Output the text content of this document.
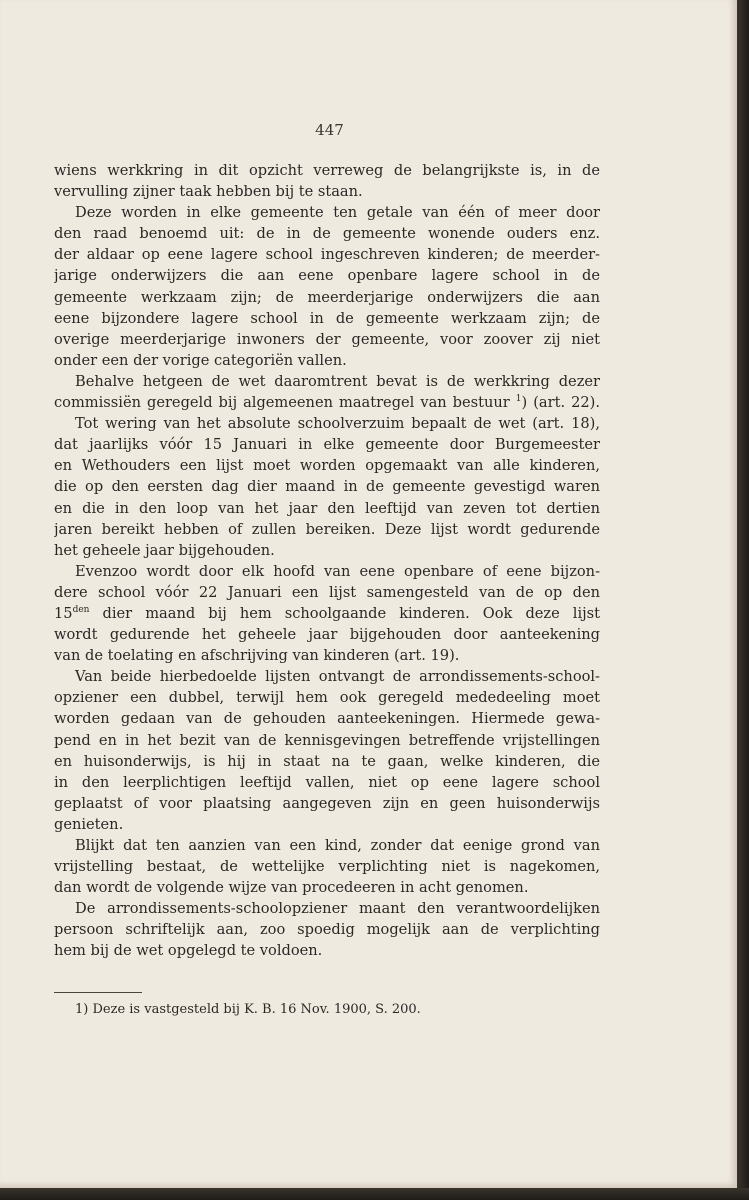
447
wiens werkkring in dit opzicht verreweg de belangrijkste is, in de
vervulling zijner taak hebben bij te staan.
Deze worden in elke gemeente ten getale van één of meer door
den raad benoemd uit: de in de gemeente wonende ouders enz.
der aldaar op eene lagere school ingeschreven kinderen; de meerder-
jarige onderwijzers die aan eene openbare lagere school in de
gemeente werkzaam zijn; de meerderjarige onderwijzers die aan
eene bijzondere lagere school in de gemeente werkzaam zijn; de
overige meerderjarige inwoners der gemeente, voor zoover zij niet
onder een der vorige categoriën vallen.
Behalve hetgeen de wet daaromtrent bevat is de werkkring dezer
commissiën geregeld bij algemeenen maatregel van bestuur $^1$) (art. 22).
Tot wering van het absolute schoolverzuim bepaalt de wet (art. 18),
dat jaarlijks vóór 15 Januari in elke gemeente door Burgemeester
en Wethouders een lijst moet worden opgemaakt van alle kinderen,
die op den eersten dag dier maand in de gemeente gevestigd waren
en die in den loop van het jaar den leeftijd van zeven tot dertien
jaren bereikt hebben of zullen bereiken. Deze lijst wordt gedurende
het geheele jaar bijgehouden.
Evenzoo wordt door elk hoofd van eene openbare of eene bijzon-
dere school vóór 22 Januari een lijst samengesteld van de op den
$15^{den}$ dier maand bij hem schoolgaande kinderen. Ook deze lijst
wordt gedurende het geheele jaar bijgehouden door aanteekening
van de toelating en afschrijving van kinderen (art. 19).
Van beide hierbedoelde lijsten ontvangt de arrondissements-school-
opziener een dubbel, terwijl hem ook geregeld mededeeling moet
worden gedaan van de gehouden aanteekeningen. Hiermede gewa-
pend en in het bezit van de kennisgevingen betreffende vrijstellingen
en huisonderwijs, is hij in staat na te gaan, welke kinderen, die
in den leerplichtigen leeftijd vallen, niet op eene lagere school
geplaatst of voor plaatsing aangegeven zijn en geen huisonderwijs
genieten.
Blijkt dat ten aanzien van een kind, zonder dat eenige grond van
vrijstelling bestaat, de wettelijke verplichting niet is nagekomen,
dan wordt de volgende wijze van procedeeren in acht genomen.
De arrondissements-schoolopziener maant den verantwoordelijken
persoon schriftelijk aan, zoo spoedig mogelijk aan de verplichting
hem bij de wet opgelegd te voldoen.
1) Deze is vastgesteld bij K. B. 16 Nov. 1900, S. 200.
